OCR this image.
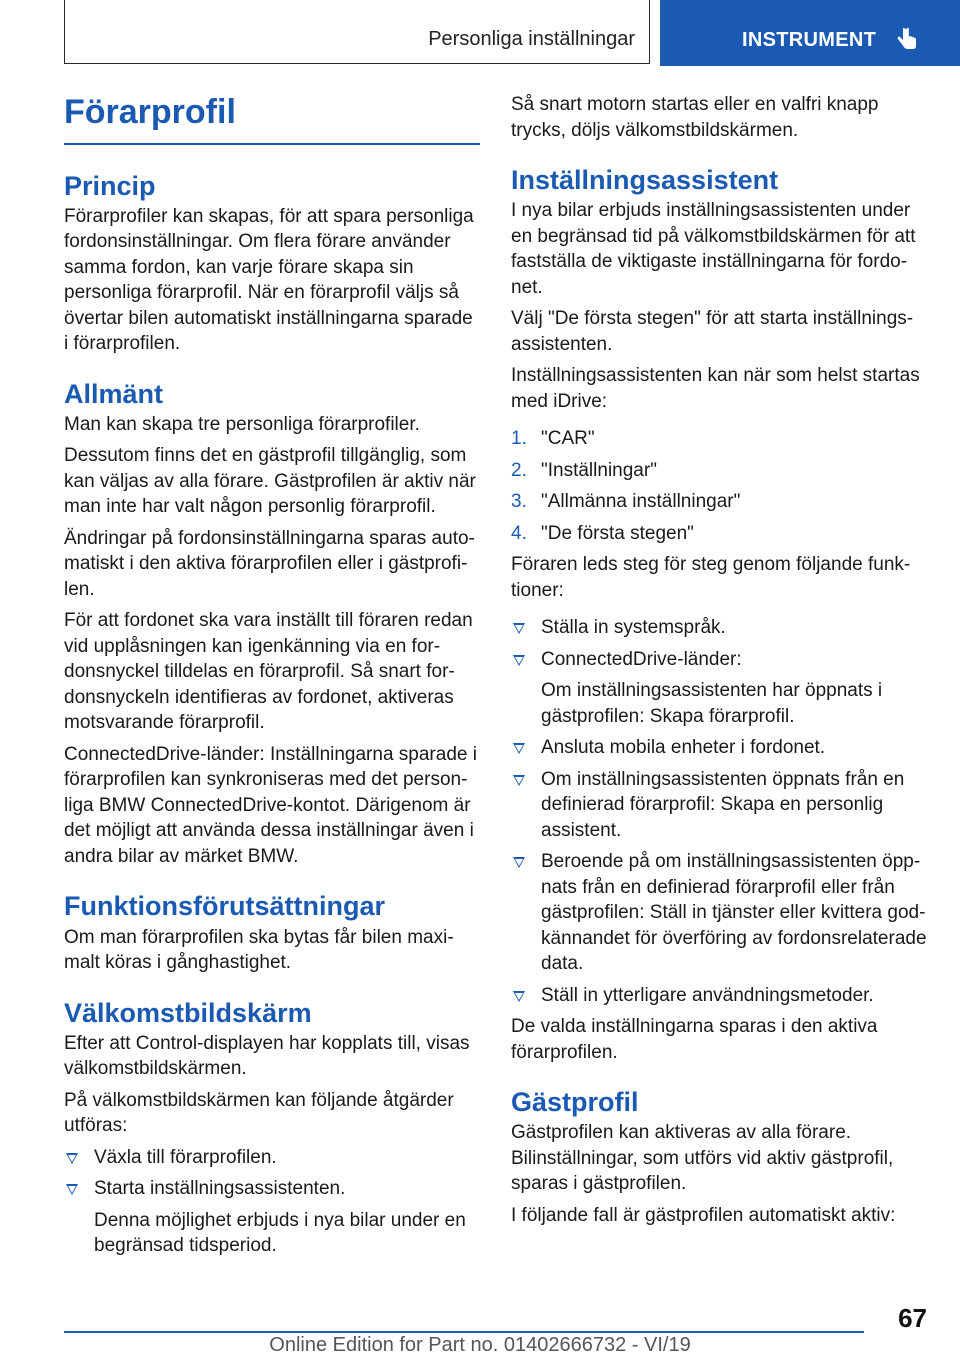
Personliga inställningar	INSTRUMENT
Förarprofil
Princip

Förarprofiler kan skapas, för att spara personliga fordonsinställningar. Om flera förare använder samma fordon, kan varje förare skapa sin personliga förarprofil. När en förarprofil väljs så övertar bilen automatiskt inställningarna sparade i förarprofilen.

Allmänt

Man kan skapa tre personliga förarprofiler.

Dessutom finns det en gästprofil tillgänglig, som kan väljas av alla förare. Gästprofilen är aktiv när man inte har valt någon personlig förarprofil.

Ändringar på fordonsinställningarna sparas automatiskt i den aktiva förarprofilen eller i gästprofilen.

För att fordonet ska vara inställt till föraren redan vid upplåsningen kan igenkänning via en fordonsnyckel tilldelas en förarprofil. Så snart fordonsnyckeln identifieras av fordonet, aktiveras motsvarande förarprofil.

ConnectedDrive-länder: Inställningarna sparade i förarprofilen kan synkroniseras med det personliga BMW ConnectedDrive-kontot. Därigenom är det möjligt att använda dessa inställningar även i andra bilar av märket BMW.

Funktionsförutsättningar

Om man förarprofilen ska bytas får bilen maximalt köras i gånghastighet.

Välkomstbildskärm

Efter att Control-displayen har kopplats till, visas välkomstbildskärmen.

På välkomstbildskärmen kan följande åtgärder utföras:

Växla till förarprofilen.
Starta inställningsassistenten.
Denna möjlighet erbjuds i nya bilar under en begränsad tidsperiod.

Så snart motorn startas eller en valfri knapp trycks, döljs välkomstbildskärmen.

Inställningsassistent

I nya bilar erbjuds inställningsassistenten under en begränsad tid på välkomstbildskärmen för att fastställa de viktigaste inställningarna för fordonet.

Välj "De första stegen" för att starta inställningsassistenten.

Inställningsassistenten kan när som helst startas med iDrive:

1. "CAR"
2. "Inställningar"
3. "Allmänna inställningar"
4. "De första stegen"

Föraren leds steg för steg genom följande funktioner:

Ställa in systemspråk.
ConnectedDrive-länder:
Om inställningsassistenten har öppnats i gästprofilen: Skapa förarprofil.
Ansluta mobila enheter i fordonet.
Om inställningsassistenten öppnats från en definierad förarprofil: Skapa en personlig assistent.
Beroende på om inställningsassistenten öppnats från en definierad förarprofil eller från gästprofilen: Ställ in tjänster eller kvittera godkännandet för överföring av fordonsrelaterade data.
Ställ in ytterligare användningsmetoder.

De valda inställningarna sparas i den aktiva förarprofilen.

Gästprofil

Gästprofilen kan aktiveras av alla förare. Bilinställningar, som utförs vid aktiv gästprofil, sparas i gästprofilen.

I följande fall är gästprofilen automatiskt aktiv:

67
Online Edition for Part no. 01402666732 - VI/19
